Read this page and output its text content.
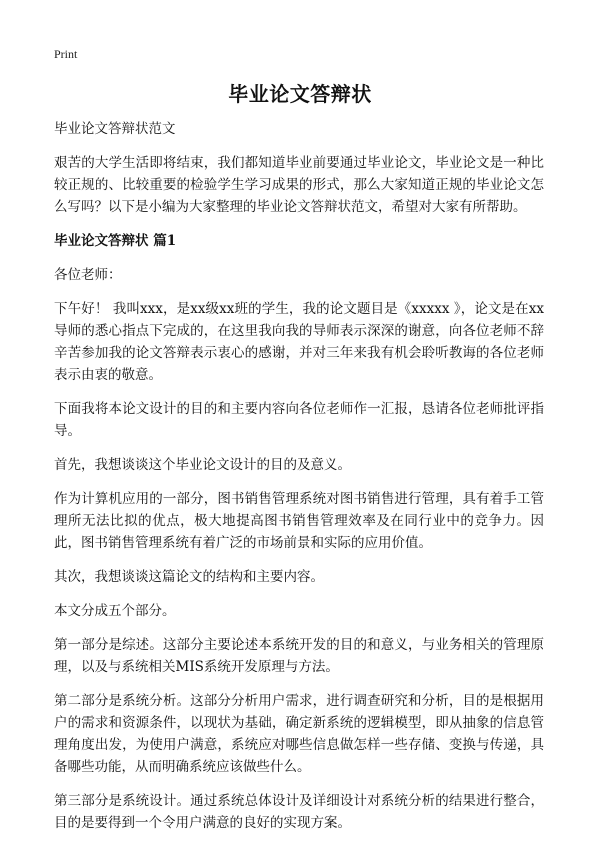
Print
毕业论文答辩状

毕业论文答辩状范文

艰苦的大学生活即将结束，我们都知道毕业前要通过毕业论文，毕业论文是一种比较正规的、比较重要的检验学生学习成果的形式，那么大家知道正规的毕业论文怎么写吗？以下是小编为大家整理的毕业论文答辩状范文，希望对大家有所帮助。

毕业论文答辩状 篇1

各位老师：

下午好！ 我叫xxx，是xx级xx班的学生，我的论文题目是《xxxxx 》，论文是在xx导师的悉心指点下完成的，在这里我向我的导师表示深深的谢意，向各位老师不辞辛苦参加我的论文答辩表示衷心的感谢，并对三年来我有机会聆听教诲的各位老师表示由衷的敬意。

下面我将本论文设计的目的和主要内容向各位老师作一汇报，恳请各位老师批评指导。

首先，我想谈谈这个毕业论文设计的目的及意义。

作为计算机应用的一部分，图书销售管理系统对图书销售进行管理，具有着手工管理所无法比拟的优点，极大地提高图书销售管理效率及在同行业中的竞争力。因此，图书销售管理系统有着广泛的市场前景和实际的应用价值。

其次，我想谈谈这篇论文的结构和主要内容。

本文分成五个部分。

第一部分是综述。这部分主要论述本系统开发的目的和意义，与业务相关的管理原理，以及与系统相关MIS系统开发原理与方法。

第二部分是系统分析。这部分分析用户需求，进行调查研究和分析，目的是根据用户的需求和资源条件，以现状为基础，确定新系统的逻辑模型，即从抽象的信息管理角度出发，为使用户满意，系统应对哪些信息做怎样一些存储、变换与传递，具备哪些功能，从而明确系统应该做些什么。

第三部分是系统设计。通过系统总体设计及详细设计对系统分析的结果进行整合，目的是要得到一个令用户满意的良好的实现方案。
